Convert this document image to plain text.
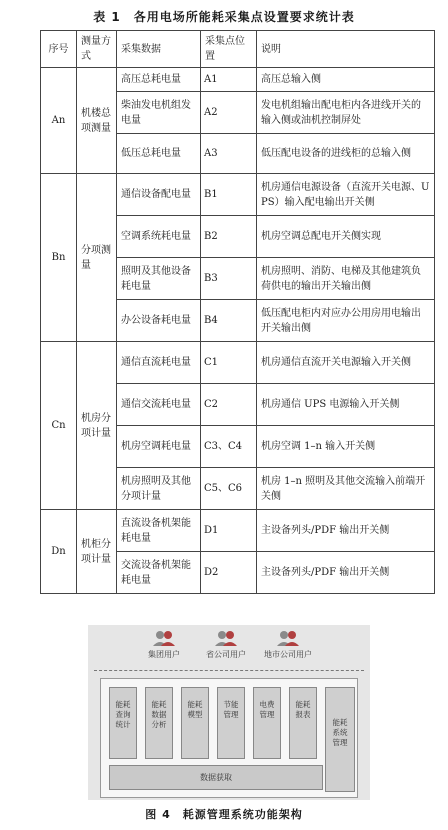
表 1　各用电场所能耗采集点设置要求统计表
序号	测量方式	采集数据	采集点位置	说明
An	机楼总项测量	高压总耗电量	A1	高压总输入侧
		柴油发电机组发电量	A2	发电机组输出配电柜内各进线开关的输入侧或油机控制屏处
		低压总耗电量	A3	低压配电设备的进线柜的总输入侧
Bn	分项测量	通信设备配电量	B1	机房通信电源设备（直流开关电源、UPS）输入配电输出开关侧
		空调系统耗电量	B2	机房空调总配电开关侧实现
		照明及其他设备耗电量	B3	机房照明、消防、电梯及其他建筑负荷供电的输出开关输出侧
		办公设备耗电量	B4	低压配电柜内对应办公用房用电输出开关输出侧
Cn	机房分项计量	通信直流耗电量	C1	机房通信直流开关电源输入开关侧
		通信交流耗电量	C2	机房通信 UPS 电源输入开关侧
		机房空调耗电量	C3、C4	机房空调 1–n 输入开关侧
		机房照明及其他分项计量	C5、C6	机房 1–n 照明及其他交流输入前端开关侧
Dn	机柜分项计量	直流设备机架能耗电量	D1	主设备列头/PDF 输出开关侧
		交流设备机架能耗电量	D2	主设备列头/PDF 输出开关侧
集团用户	省公司用户	地市公司用户
能耗查询统计
能耗数据分析
能耗模型
节能管理
电费管理
能耗报表
能耗系统管理
数据获取
图 4　耗源管理系统功能架构
